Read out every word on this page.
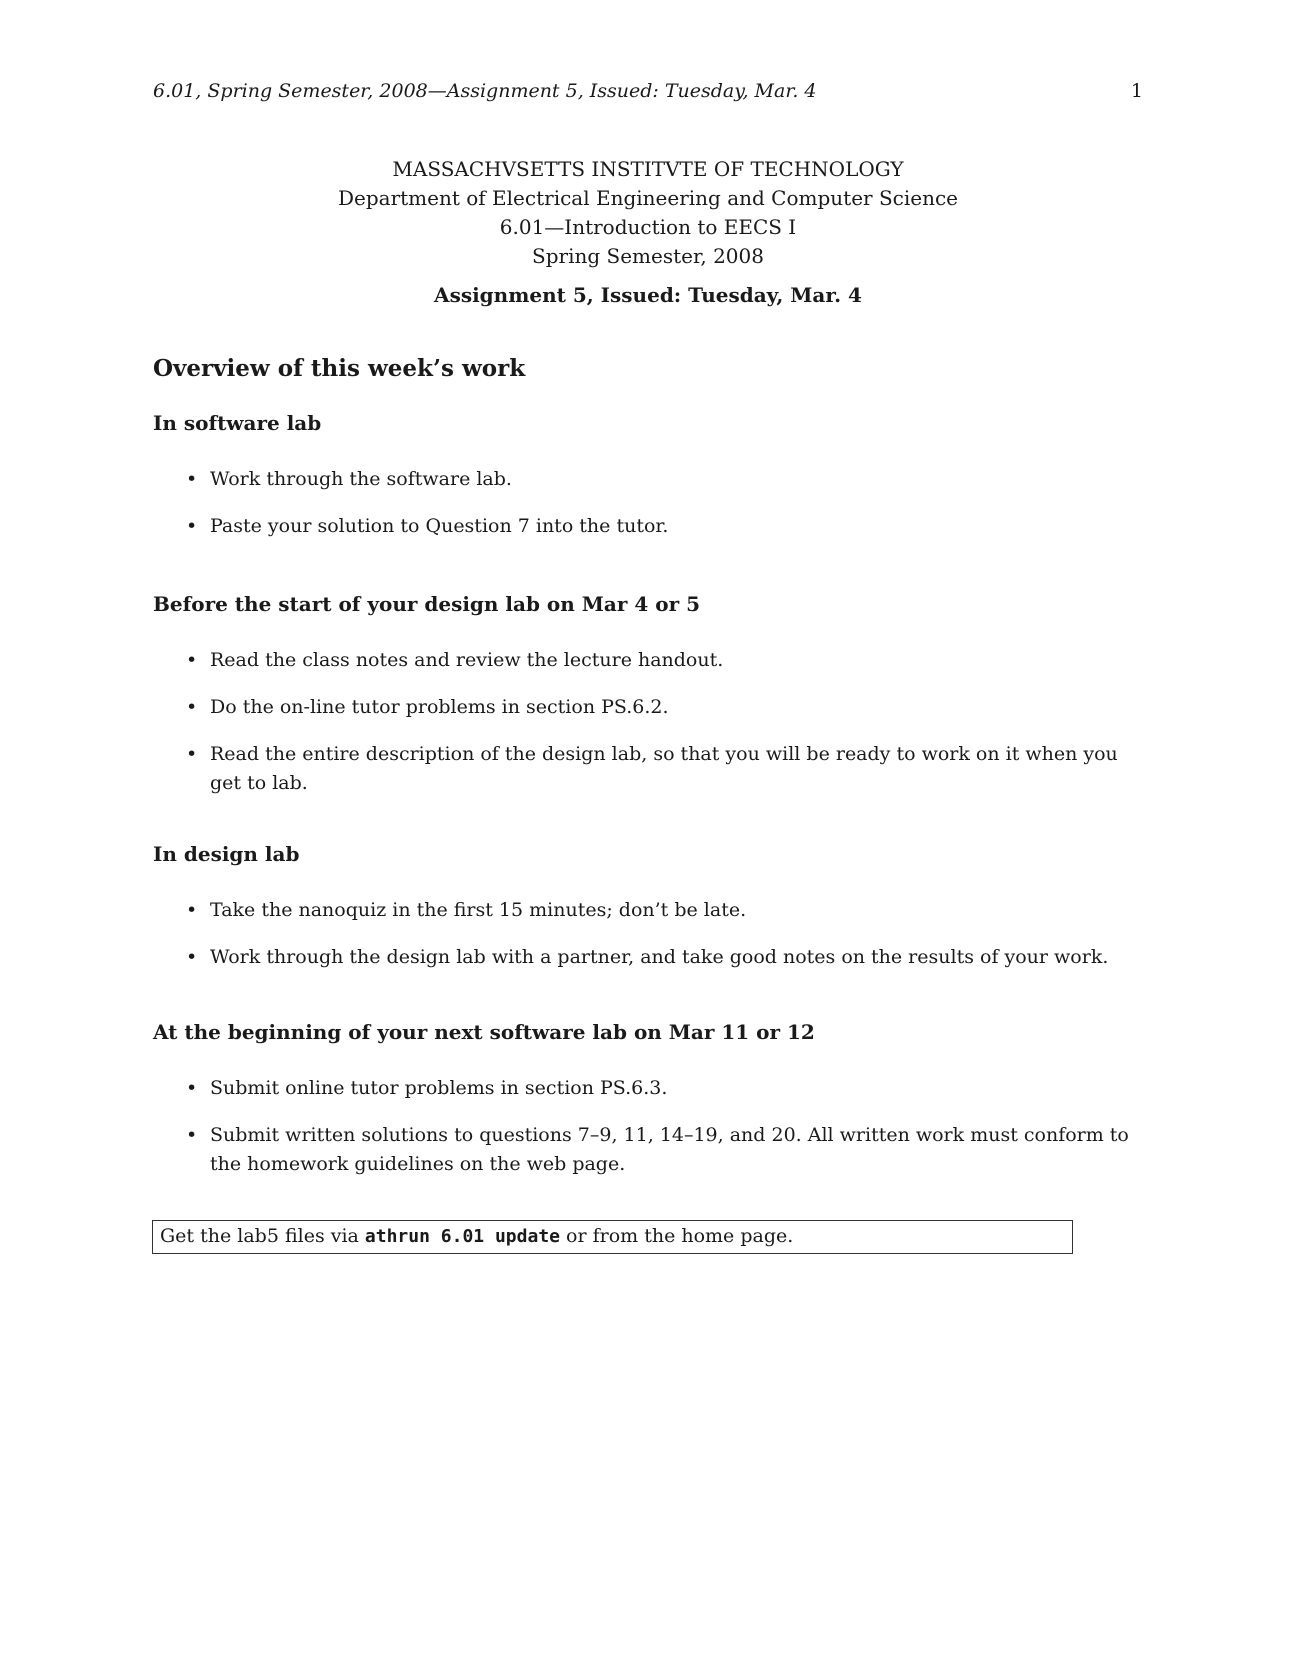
6.01, Spring Semester, 2008—Assignment 5, Issued: Tuesday, Mar. 4	1
MASSACHVSETTS INSTITVTE OF TECHNOLOGY
Department of Electrical Engineering and Computer Science
6.01—Introduction to EECS I
Spring Semester, 2008
Assignment 5, Issued: Tuesday, Mar. 4
Overview of this week’s work
In software lab
• Work through the software lab.
• Paste your solution to Question 7 into the tutor.
Before the start of your design lab on Mar 4 or 5
• Read the class notes and review the lecture handout.
• Do the on-line tutor problems in section PS.6.2.
• Read the entire description of the design lab, so that you will be ready to work on it when you get to lab.
In design lab
• Take the nanoquiz in the first 15 minutes; don’t be late.
• Work through the design lab with a partner, and take good notes on the results of your work.
At the beginning of your next software lab on Mar 11 or 12
• Submit online tutor problems in section PS.6.3.
• Submit written solutions to questions 7–9, 11, 14–19, and 20. All written work must conform to the homework guidelines on the web page.
Get the lab5 files via athrun 6.01 update or from the home page.
